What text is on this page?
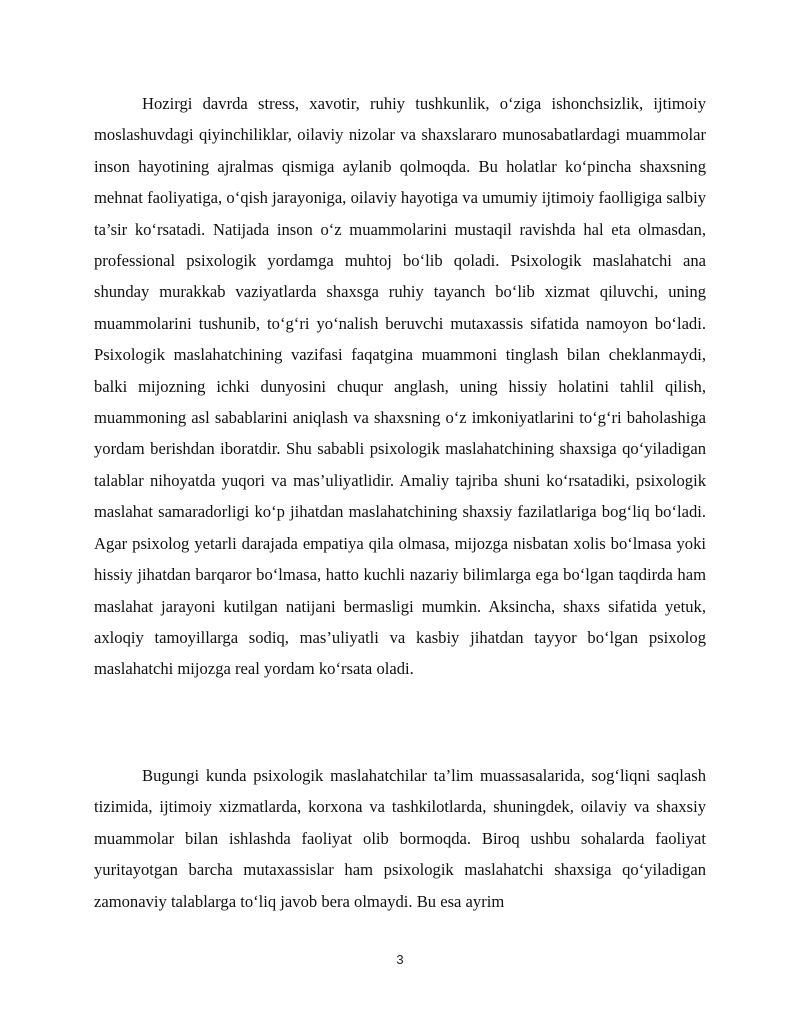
Hozirgi davrda stress, xavotir, ruhiy tushkunlik, o‘ziga ishonchsizlik, ijtimoiy moslashuvdagi qiyinchiliklar, oilaviy nizolar va shaxslararo munosabatlardagi muammolar inson hayotining ajralmas qismiga aylanib qolmoqda. Bu holatlar ko‘pincha shaxsning mehnat faoliyatiga, o‘qish jarayoniga, oilaviy hayotiga va umumiy ijtimoiy faolligiga salbiy ta’sir ko‘rsatadi. Natijada inson o‘z muammolarini mustaqil ravishda hal eta olmasdan, professional psixologik yordamga muhtoj bo‘lib qoladi. Psixologik maslahatchi ana shunday murakkab vaziyatlarda shaxsga ruhiy tayanch bo‘lib xizmat qiluvchi, uning muammolarini tushunib, to‘g‘ri yo‘nalish beruvchi mutaxassis sifatida namoyon bo‘ladi. Psixologik maslahatchining vazifasi faqatgina muammoni tinglash bilan cheklanmaydi, balki mijozning ichki dunyosini chuqur anglash, uning hissiy holatini tahlil qilish, muammoning asl sabablarini aniqlash va shaxsning o‘z imkoniyatlarini to‘g‘ri baholashiga yordam berishdan iboratdir. Shu sababli psixologik maslahatchining shaxsiga qo‘yiladigan talablar nihoyatda yuqori va mas’uliyatlidir. Amaliy tajriba shuni ko‘rsatadiki, psixologik maslahat samaradorligi ko‘p jihatdan maslahatchining shaxsiy fazilatlariga bog‘liq bo‘ladi. Agar psixolog yetarli darajada empatiya qila olmasa, mijozga nisbatan xolis bo‘lmasa yoki hissiy jihatdan barqaror bo‘lmasa, hatto kuchli nazariy bilimlarga ega bo‘lgan taqdirda ham maslahat jarayoni kutilgan natijani bermasligi mumkin. Aksincha, shaxs sifatida yetuk, axloqiy tamoyillarga sodiq, mas’uliyatli va kasbiy jihatdan tayyor bo‘lgan psixolog maslahatchi mijozga real yordam ko‘rsata oladi.

Bugungi kunda psixologik maslahatchilar ta’lim muassasalarida, sog‘liqni saqlash tizimida, ijtimoiy xizmatlarda, korxona va tashkilotlarda, shuningdek, oilaviy va shaxsiy muammolar bilan ishlashda faoliyat olib bormoqda. Biroq ushbu sohalarda faoliyat yuritayotgan barcha mutaxassislar ham psixologik maslahatchi shaxsiga qo‘yiladigan zamonaviy talablarga to‘liq javob bera olmaydi. Bu esa ayrim

3
